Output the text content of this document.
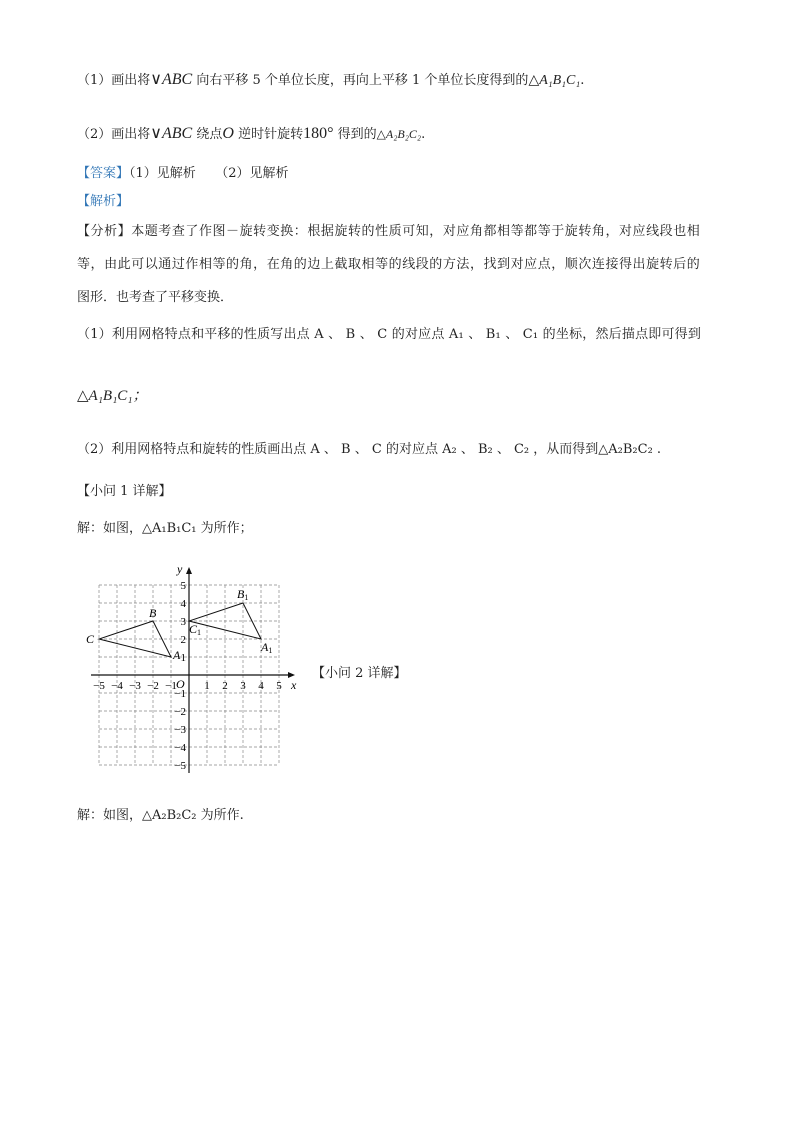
（1）画出将∨ABC 向右平移 5 个单位长度，再向上平移 1 个单位长度得到的△A₁B₁C₁.
（2）画出将∨ABC 绕点O 逆时针旋转180° 得到的△A₂B₂C₂.
【答案】（1）见解析　　（2）见解析
【解析】
【分析】本题考查了作图－旋转变换：根据旋转的性质可知，对应角都相等都等于旋转角，对应线段也相
等，由此可以通过作相等的角，在角的边上截取相等的线段的方法，找到对应点，顺次连接得出旋转后的
图形．也考查了平移变换．
（1）利用网格特点和平移的性质写出点 A 、 B 、 C 的对应点 A₁ 、 B₁ 、 C₁ 的坐标，然后描点即可得到
△A₁B₁C₁；
（2）利用网格特点和旋转的性质画出点 A 、 B 、 C 的对应点 A₂ 、 B₂ 、 C₂ ，从而得到△A₂B₂C₂ .
【小问 1 详解】
解：如图，△A₁B₁C₁ 为所作；
x
y
O
−5 −4 −3 −2 −1 1 2 3 4 5
5
4
3
2
1
−1
−2
−3
−4
−5
A
B
C
A1
B1
C1
【小问 2 详解】
解：如图，△A₂B₂C₂ 为所作.
